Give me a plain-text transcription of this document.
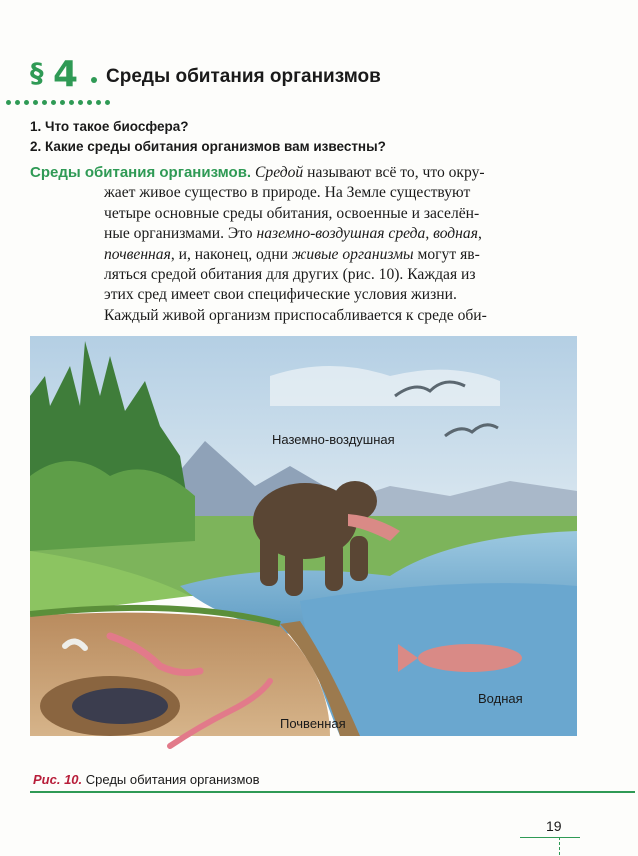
§ 4 Среды обитания организмов
1. Что такое биосфера?
2. Какие среды обитания организмов вам известны?
Среды обитания организмов. Средой называют всё то, что окру-
жает живое существо в природе. На Земле существуют
четыре основные среды обитания, освоенные и заселён-
ные организмами. Это наземно-воздушная среда, водная,
почвенная, и, наконец, одни живые организмы могут яв-
ляться средой обитания для других (рис. 10). Каждая из
этих сред имеет свои специфические условия жизни.
Каждый живой организм приспосабливается к среде оби-
Наземно-воздушная
Водная
Почвенная
Рис. 10. Среды обитания организмов
19
